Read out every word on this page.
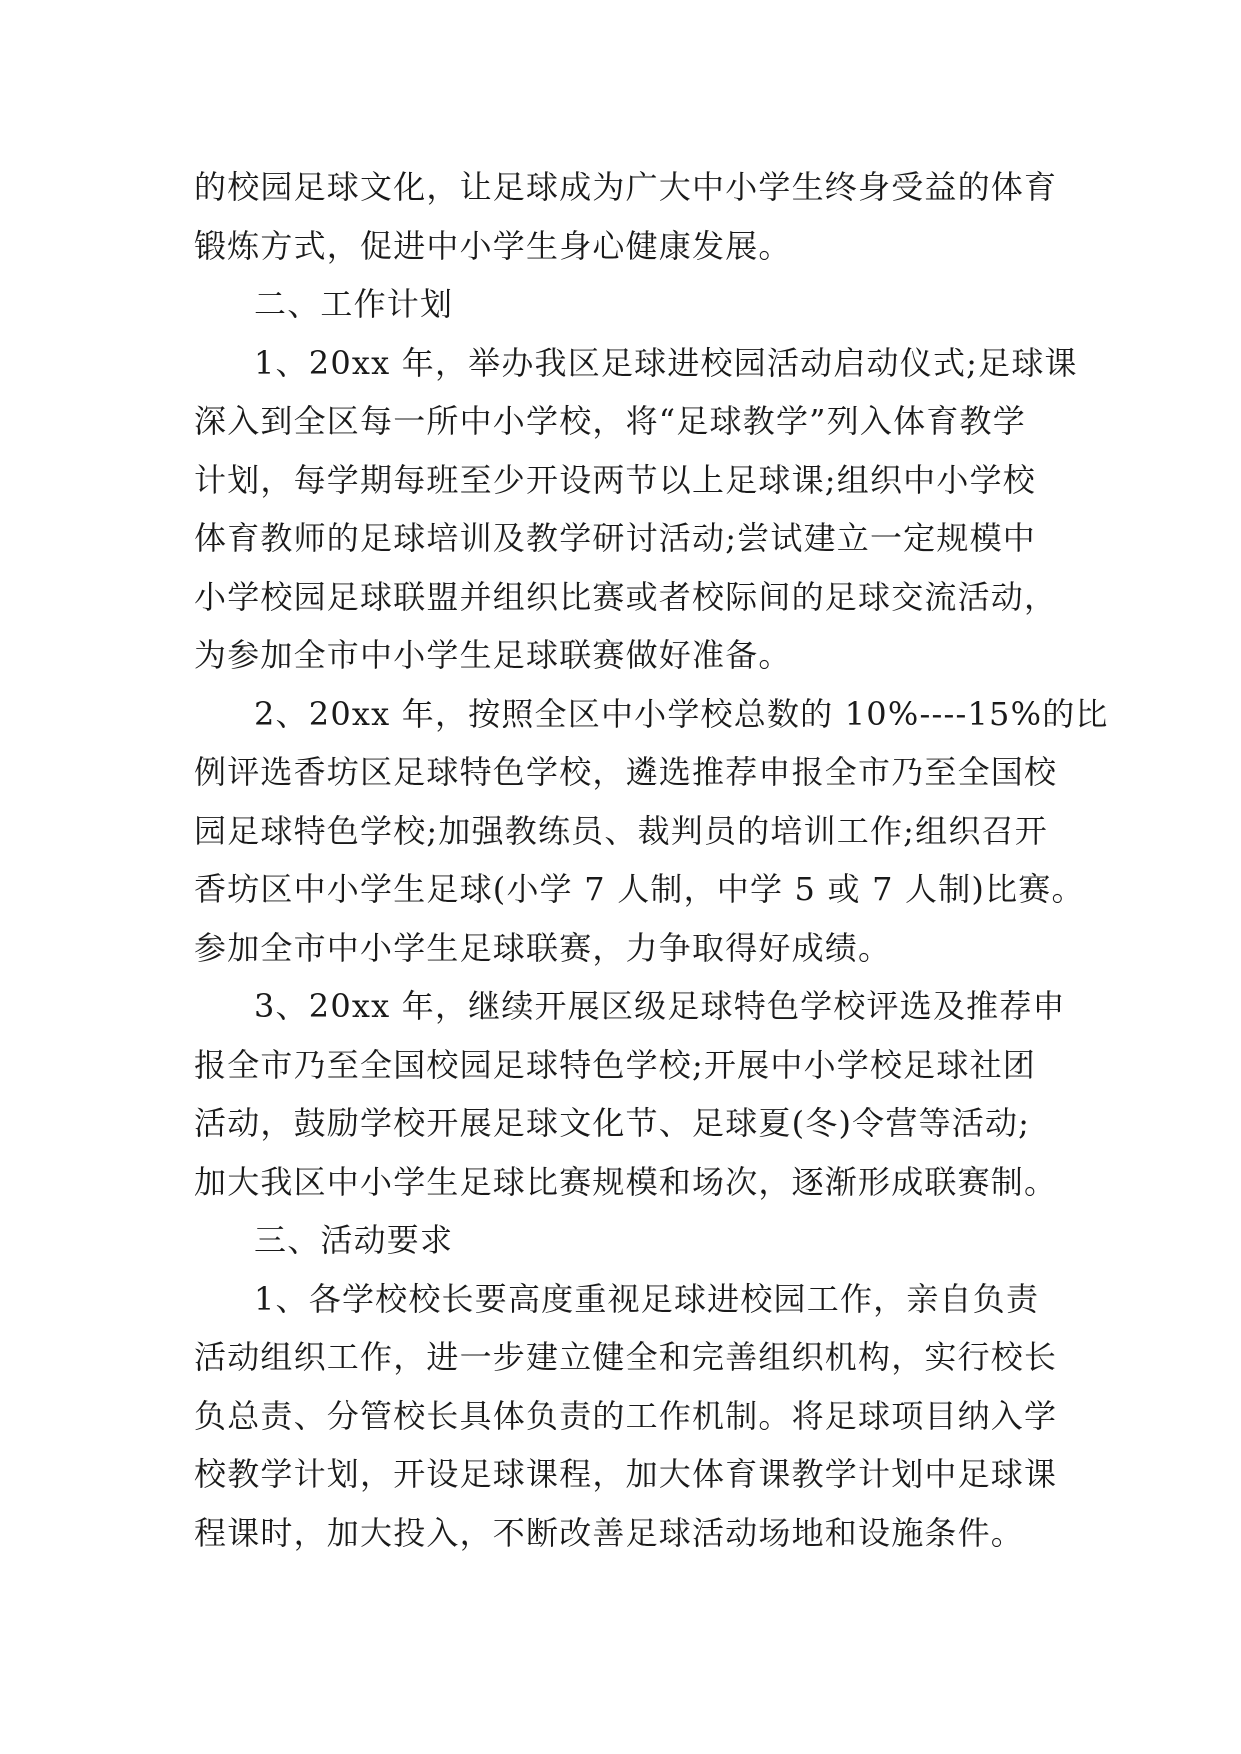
的校园足球文化，让足球成为广大中小学生终身受益的体育
锻炼方式，促进中小学生身心健康发展。
二、工作计划
1、20xx 年，举办我区足球进校园活动启动仪式;足球课
深入到全区每一所中小学校，将“足球教学”列入体育教学
计划，每学期每班至少开设两节以上足球课;组织中小学校
体育教师的足球培训及教学研讨活动;尝试建立一定规模中
小学校园足球联盟并组织比赛或者校际间的足球交流活动，
为参加全市中小学生足球联赛做好准备。
2、20xx 年，按照全区中小学校总数的 10%----15%的比
例评选香坊区足球特色学校，遴选推荐申报全市乃至全国校
园足球特色学校;加强教练员、裁判员的培训工作;组织召开
香坊区中小学生足球(小学 7 人制，中学 5 或 7 人制)比赛。
参加全市中小学生足球联赛，力争取得好成绩。
3、20xx 年，继续开展区级足球特色学校评选及推荐申
报全市乃至全国校园足球特色学校;开展中小学校足球社团
活动，鼓励学校开展足球文化节、足球夏(冬)令营等活动;
加大我区中小学生足球比赛规模和场次，逐渐形成联赛制。
三、活动要求
1、各学校校长要高度重视足球进校园工作，亲自负责
活动组织工作，进一步建立健全和完善组织机构，实行校长
负总责、分管校长具体负责的工作机制。将足球项目纳入学
校教学计划，开设足球课程，加大体育课教学计划中足球课
程课时，加大投入，不断改善足球活动场地和设施条件。
